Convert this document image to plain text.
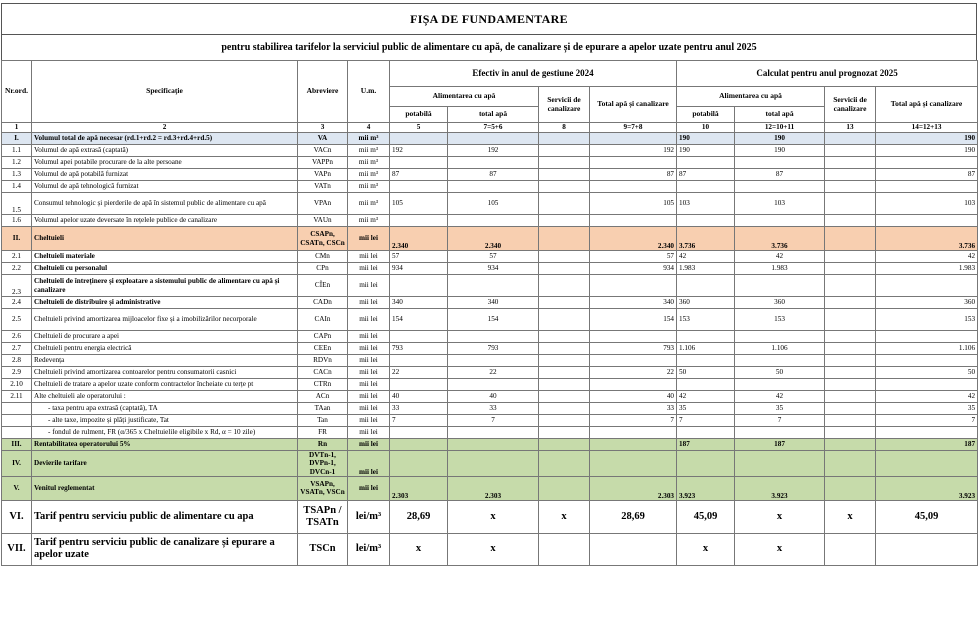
FIȘA DE FUNDAMENTARE
pentru stabilirea tarifelor la serviciul public de alimentare cu apă, de canalizare și de epurare a apelor uzate pentru anul 2025
Nr.ord.	Specificaţie	Abreviere	U.m.	Efectiv în anul de gestiune 2024				Calculat pentru anul prognozat 2025			
				Alimentarea cu apă		Servicii de canalizare	Total apă și canalizare	Alimentarea cu apă		Servicii de canalizare	Total apă și canalizare
				potabilă	total apă			potabilă	total apă		
1	2	3	4	5	7=5+6	8	9=7+8	10	12=10+11	13	14=12+13
I.	Volumul total de apă necesar (rd.1+rd.2 = rd.3+rd.4+rd.5)	VA	mii m³					190	190		190
1.1	Volumul de apă extrasă (captată)	VACn	mii m³	192	192		192	190	190		190
1.2	Volumul apei potabile procurare de la alte persoane	VAPPn	mii m³								
1.3	Volumul de apă potabilă furnizat	VAPn	mii m³	87	87		87	87	87		87
1.4	Volumul de apă tehnologică furnizat	VATn	mii m³								
1.5	Consumul tehnologic și pierderile de apă în sistemul public de alimentare cu apă	VPAn	mii m³	105	105		105	103	103		103
1.6	Volumul apelor uzate deversate în rețelele publice de canalizare	VAUn	mii m³								
II.	Cheltuieli	CSAPn, CSATn, CSCn	mii lei	2.340	2.340		2.340	3.736	3.736		3.736
2.1	Cheltuieli materiale	CMn	mii lei	57	57		57	42	42		42
2.2	Cheltuieli cu personalul	CPn	mii lei	934	934		934	1.983	1.983		1.983
2.3	Cheltuieli de întreținere și exploatare a sistemului public de alimentare cu apă și canalizare	CÎEn	mii lei								
2.4	Cheltuieli de distribuire și administrative	CADn	mii lei	340	340		340	360	360		360
2.5	Cheltuieli privind amortizarea mijloacelor fixe și a imobilizărilor necorporale	CAIn	mii lei	154	154		154	153	153		153
2.6	Cheltuieli de procurare a apei	CAPn	mii lei								
2.7	Cheltuieli pentru energia electrică	CEEn	mii lei	793	793		793	1.106	1.106		1.106
2.8	Redevența	RDVn	mii lei								
2.9	Cheltuieli privind amortizarea contoarelor pentru consumatorii casnici	CACn	mii lei	22	22		22	50	50		50
2.10	Cheltuieli de tratare a apelor uzate conform contractelor încheiate cu terțe pt	CTRn	mii lei								
2.11	Alte cheltuieli ale operatorului :	ACn	mii lei	40	40		40	42	42		42
	- taxa pentru apa extrasă (captată), TA	TAan	mii lei	33	33		33	35	35		35
	- alte taxe, impozite și plăți justificate, Tat	Tan	mii lei	7	7		7	7	7		7
	- fondul de rulment, FR (α/365 x Cheltuielile eligibile x Rd, α = 10 zile)	FR	mii lei								
III.	Rentabilitatea operatorului 5%	Rn	mii lei					187	187		187
IV.	Devierile tarifare	DVTn-1, DVPn-1, DVCn-1	mii lei								
V.	Venitul reglementat	VSAPn, VSATn, VSCn	mii lei	2.303	2.303		2.303	3.923	3.923		3.923
VI.	Tarif pentru serviciu public de alimentare cu apa	TSAPn / TSATn	lei/m³	28,69	x	x	28,69	45,09	x	x	45,09
VII.	Tarif pentru serviciu public de canalizare și epurare a apelor uzate	TSCn	lei/m³	x	x			x	x		
